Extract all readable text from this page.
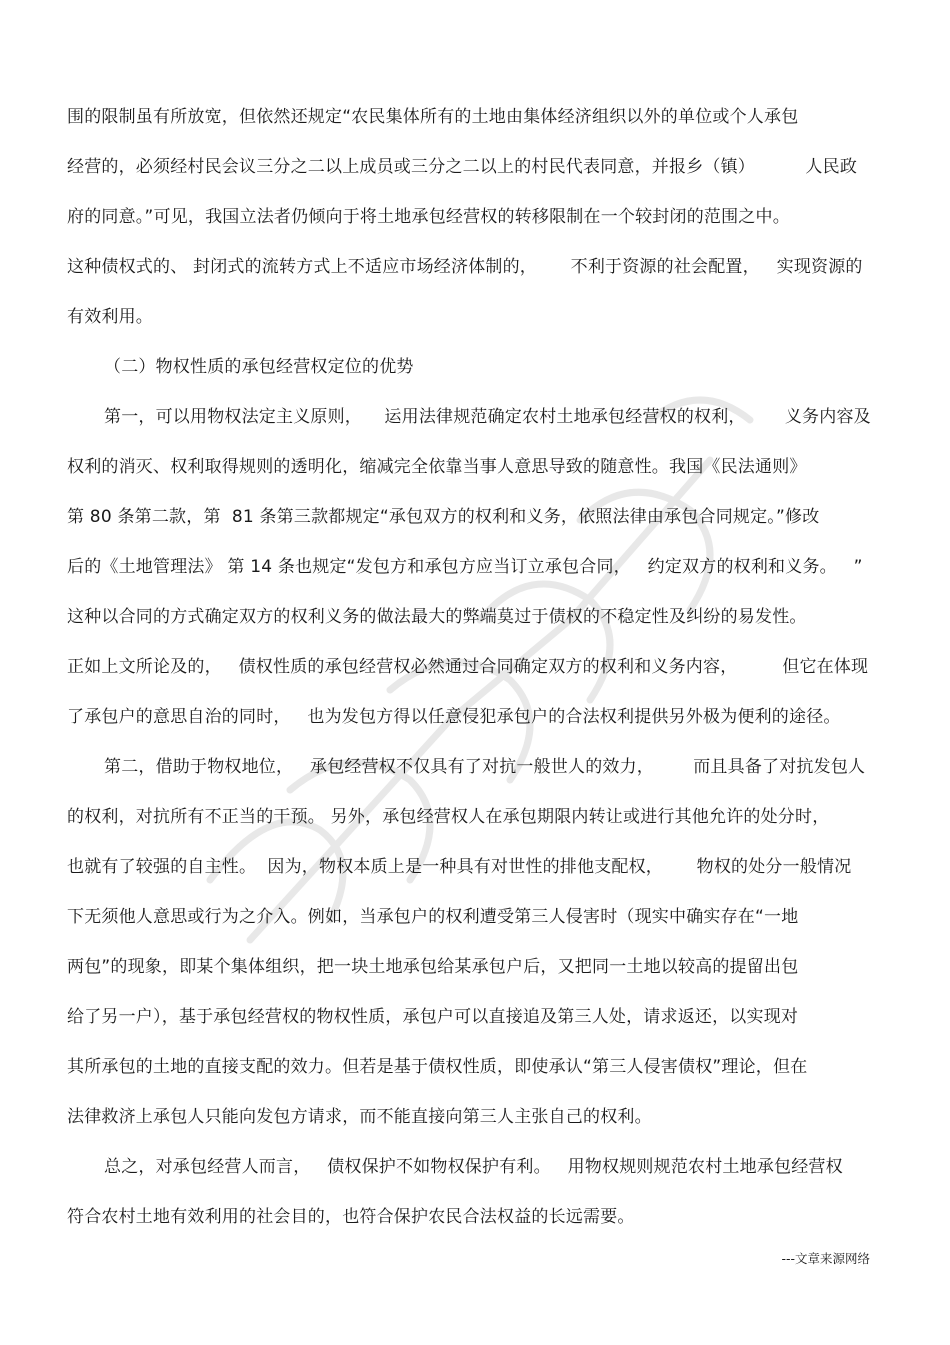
围的限制虽有所放宽，但依然还规定“农民集体所有的土地由集体经济组织以外的单位或个人承包
经营的，必须经村民会议三分之二以上成员或三分之二以上的村民代表同意，并报乡（镇）         人民政
府的同意。”可见，我国立法者仍倾向于将土地承包经营权的转移限制在一个较封闭的范围之中。
这种债权式的、 封闭式的流转方式上不适应市场经济体制的，      不利于资源的社会配置，   实现资源的
有效利用。
（二）物权性质的承包经营权定位的优势
第一，可以用物权法定主义原则，    运用法律规范确定农村土地承包经营权的权利，       义务内容及
权利的消灭、权利取得规则的透明化，缩减完全依靠当事人意思导致的随意性。我国《民法通则》
第 80 条第二款，第  81 条第三款都规定“承包双方的权利和义务，依照法律由承包合同规定。”修改
后的《土地管理法》 第 14 条也规定“发包方和承包方应当订立承包合同，   约定双方的权利和义务。   ”
这种以合同的方式确定双方的权利义务的做法最大的弊端莫过于债权的不稳定性及纠纷的易发性。
正如上文所论及的，   债权性质的承包经营权必然通过合同确定双方的权利和义务内容，        但它在体现
了承包户的意思自治的同时，   也为发包方得以任意侵犯承包户的合法权利提供另外极为便利的途径。
第二，借助于物权地位，   承包经营权不仅具有了对抗一般世人的效力，       而且具备了对抗发包人
的权利，对抗所有不正当的干预。 另外，承包经营权人在承包期限内转让或进行其他允许的处分时，
也就有了较强的自主性。  因为，物权本质上是一种具有对世性的排他支配权，      物权的处分一般情况
下无须他人意思或行为之介入。例如，当承包户的权利遭受第三人侵害时（现实中确实存在“一地
两包”的现象，即某个集体组织，把一块土地承包给某承包户后，又把同一土地以较高的提留出包
给了另一户），基于承包经营权的物权性质，承包户可以直接追及第三人处，请求返还，以实现对
其所承包的土地的直接支配的效力。但若是基于债权性质，即使承认“第三人侵害债权”理论，但在
法律救济上承包人只能向发包方请求，而不能直接向第三人主张自己的权利。
总之，对承包经营人而言，   债权保护不如物权保护有利。   用物权规则规范农村土地承包经营权
符合农村土地有效利用的社会目的，也符合保护农民合法权益的长远需要。
---文章来源网络
